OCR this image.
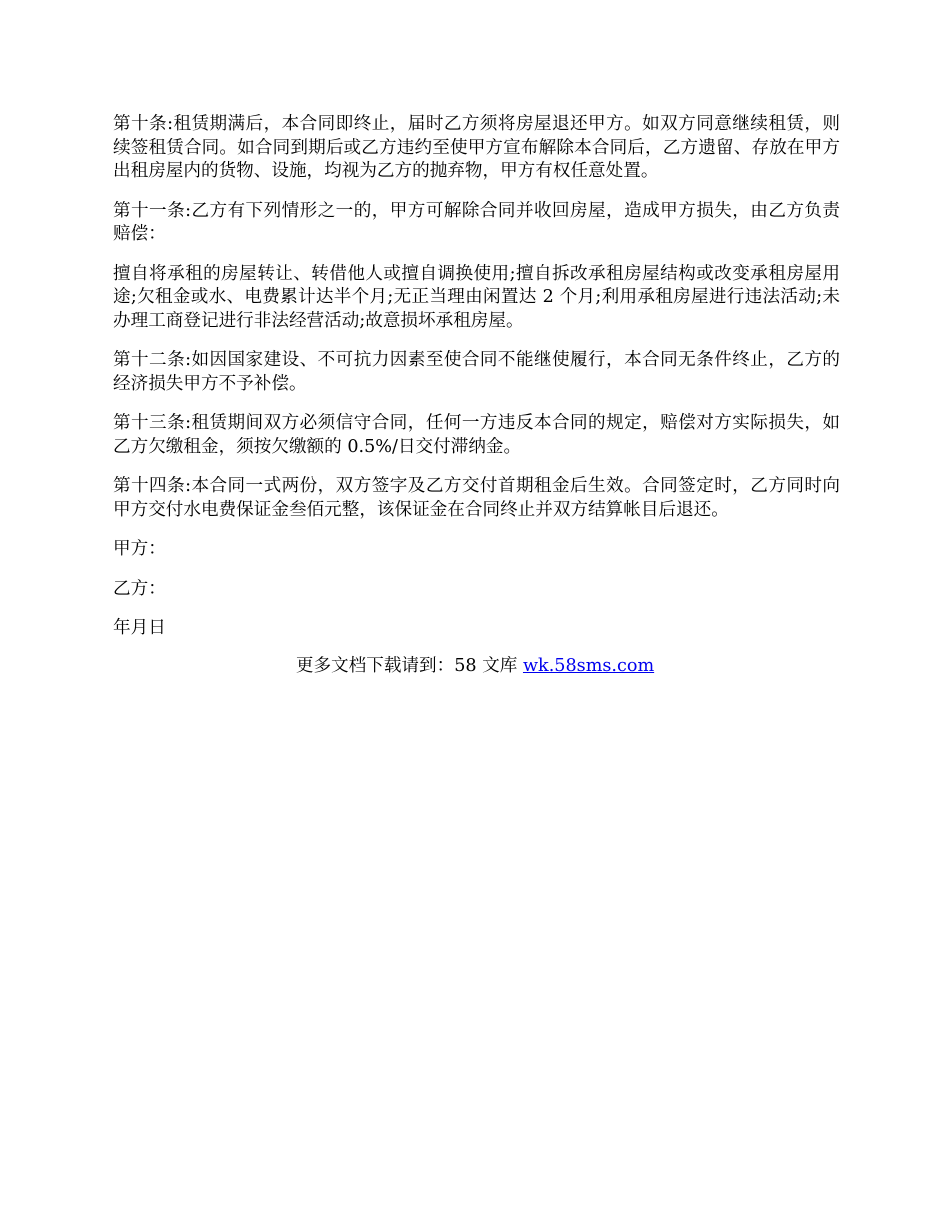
第十条:租赁期满后，本合同即终止，届时乙方须将房屋退还甲方。如双方同意继续租赁，则续签租赁合同。如合同到期后或乙方违约至使甲方宣布解除本合同后，乙方遗留、存放在甲方出租房屋内的货物、设施，均视为乙方的抛弃物，甲方有权任意处置。

第十一条:乙方有下列情形之一的，甲方可解除合同并收回房屋，造成甲方损失，由乙方负责赔偿：

擅自将承租的房屋转让、转借他人或擅自调换使用;擅自拆改承租房屋结构或改变承租房屋用途;欠租金或水、电费累计达半个月;无正当理由闲置达 2 个月;利用承租房屋进行违法活动;未办理工商登记进行非法经营活动;故意损坏承租房屋。

第十二条:如因国家建设、不可抗力因素至使合同不能继使履行，本合同无条件终止，乙方的经济损失甲方不予补偿。

第十三条:租赁期间双方必须信守合同，任何一方违反本合同的规定，赔偿对方实际损失，如乙方欠缴租金，须按欠缴额的 0.5%/日交付滞纳金。

第十四条:本合同一式两份，双方签字及乙方交付首期租金后生效。合同签定时，乙方同时向甲方交付水电费保证金叁佰元整，该保证金在合同终止并双方结算帐目后退还。

甲方：

乙方：

年月日

更多文档下载请到：58 文库 wk.58sms.com
